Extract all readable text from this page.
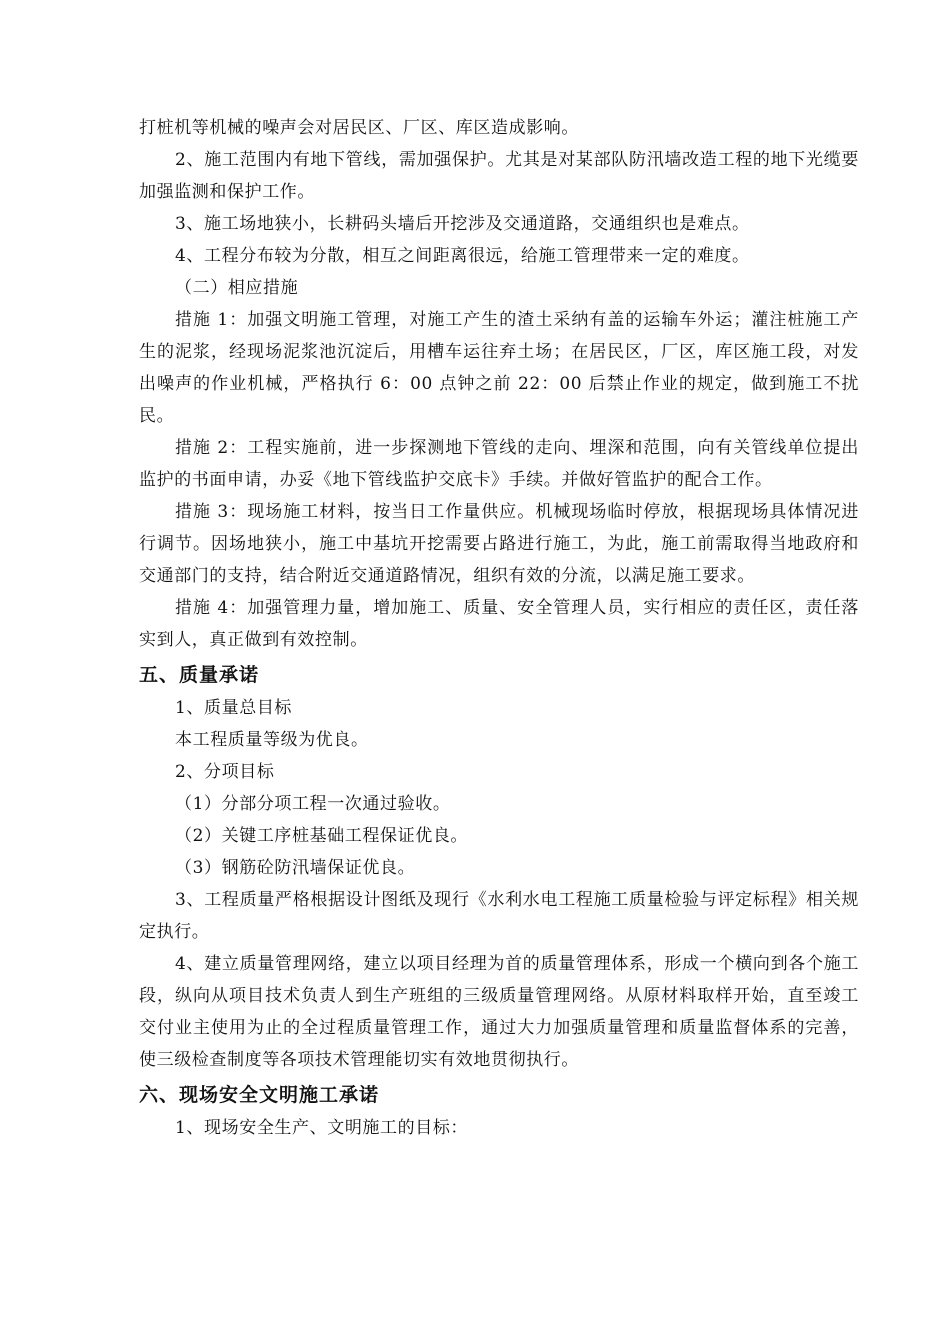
打桩机等机械的噪声会对居民区、厂区、库区造成影响。

2、施工范围内有地下管线，需加强保护。尤其是对某部队防汛墙改造工程的地下光缆要加强监测和保护工作。

3、施工场地狭小，长耕码头墙后开挖涉及交通道路，交通组织也是难点。

4、工程分布较为分散，相互之间距离很远，给施工管理带来一定的难度。

（二）相应措施

措施 1：加强文明施工管理，对施工产生的渣土采纳有盖的运输车外运；灌注桩施工产生的泥浆，经现场泥浆池沉淀后，用槽车运往弃土场；在居民区，厂区，库区施工段，对发出噪声的作业机械，严格执行 6：00 点钟之前 22：00 后禁止作业的规定，做到施工不扰民。

措施 2：工程实施前，进一步探测地下管线的走向、埋深和范围，向有关管线单位提出监护的书面申请，办妥《地下管线监护交底卡》手续。并做好管监护的配合工作。

措施 3：现场施工材料，按当日工作量供应。机械现场临时停放，根据现场具体情况进行调节。因场地狭小，施工中基坑开挖需要占路进行施工，为此，施工前需取得当地政府和交通部门的支持，结合附近交通道路情况，组织有效的分流，以满足施工要求。

措施 4：加强管理力量，增加施工、质量、安全管理人员，实行相应的责任区，责任落实到人，真正做到有效控制。

五、质量承诺

1、质量总目标

本工程质量等级为优良。

2、分项目标

（1）分部分项工程一次通过验收。

（2）关键工序桩基础工程保证优良。

（3）钢筋砼防汛墙保证优良。

3、工程质量严格根据设计图纸及现行《水利水电工程施工质量检验与评定标程》相关规定执行。

4、建立质量管理网络，建立以项目经理为首的质量管理体系，形成一个横向到各个施工段，纵向从项目技术负责人到生产班组的三级质量管理网络。从原材料取样开始，直至竣工交付业主使用为止的全过程质量管理工作，通过大力加强质量管理和质量监督体系的完善，使三级检查制度等各项技术管理能切实有效地贯彻执行。

六、现场安全文明施工承诺

1、现场安全生产、文明施工的目标：
